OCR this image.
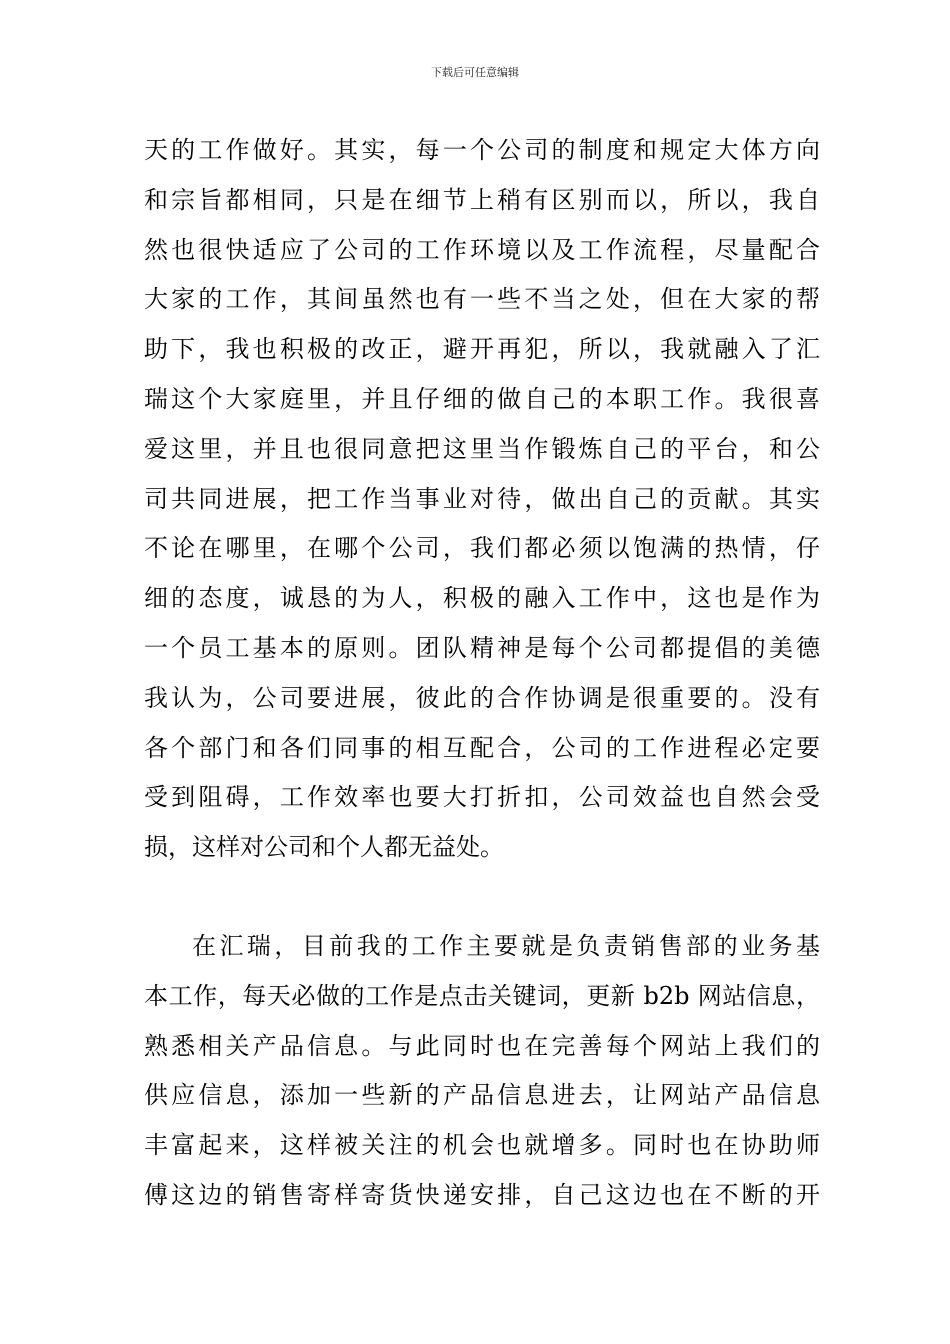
下载后可任意编辑
天的工作做好。其实，每一个公司的制度和规定大体方向
和宗旨都相同，只是在细节上稍有区别而以，所以，我自
然也很快适应了公司的工作环境以及工作流程，尽量配合
大家的工作，其间虽然也有一些不当之处，但在大家的帮
助下，我也积极的改正，避开再犯，所以，我就融入了汇
瑞这个大家庭里，并且仔细的做自己的本职工作。我很喜
爱这里，并且也很同意把这里当作锻炼自己的平台，和公
司共同进展，把工作当事业对待，做出自己的贡献。其实
不论在哪里，在哪个公司，我们都必须以饱满的热情，仔
细的态度，诚恳的为人，积极的融入工作中，这也是作为
一个员工基本的原则。团队精神是每个公司都提倡的美德
我认为，公司要进展，彼此的合作协调是很重要的。没有
各个部门和各们同事的相互配合，公司的工作进程必定要
受到阻碍，工作效率也要大打折扣，公司效益也自然会受
损，这样对公司和个人都无益处。
在汇瑞，目前我的工作主要就是负责销售部的业务基
本工作，每天必做的工作是点击关键词，更新 b2b 网站信息，
熟悉相关产品信息。与此同时也在完善每个网站上我们的
供应信息，添加一些新的产品信息进去，让网站产品信息
丰富起来，这样被关注的机会也就增多。同时也在协助师
傅这边的销售寄样寄货快递安排，自己这边也在不断的开
